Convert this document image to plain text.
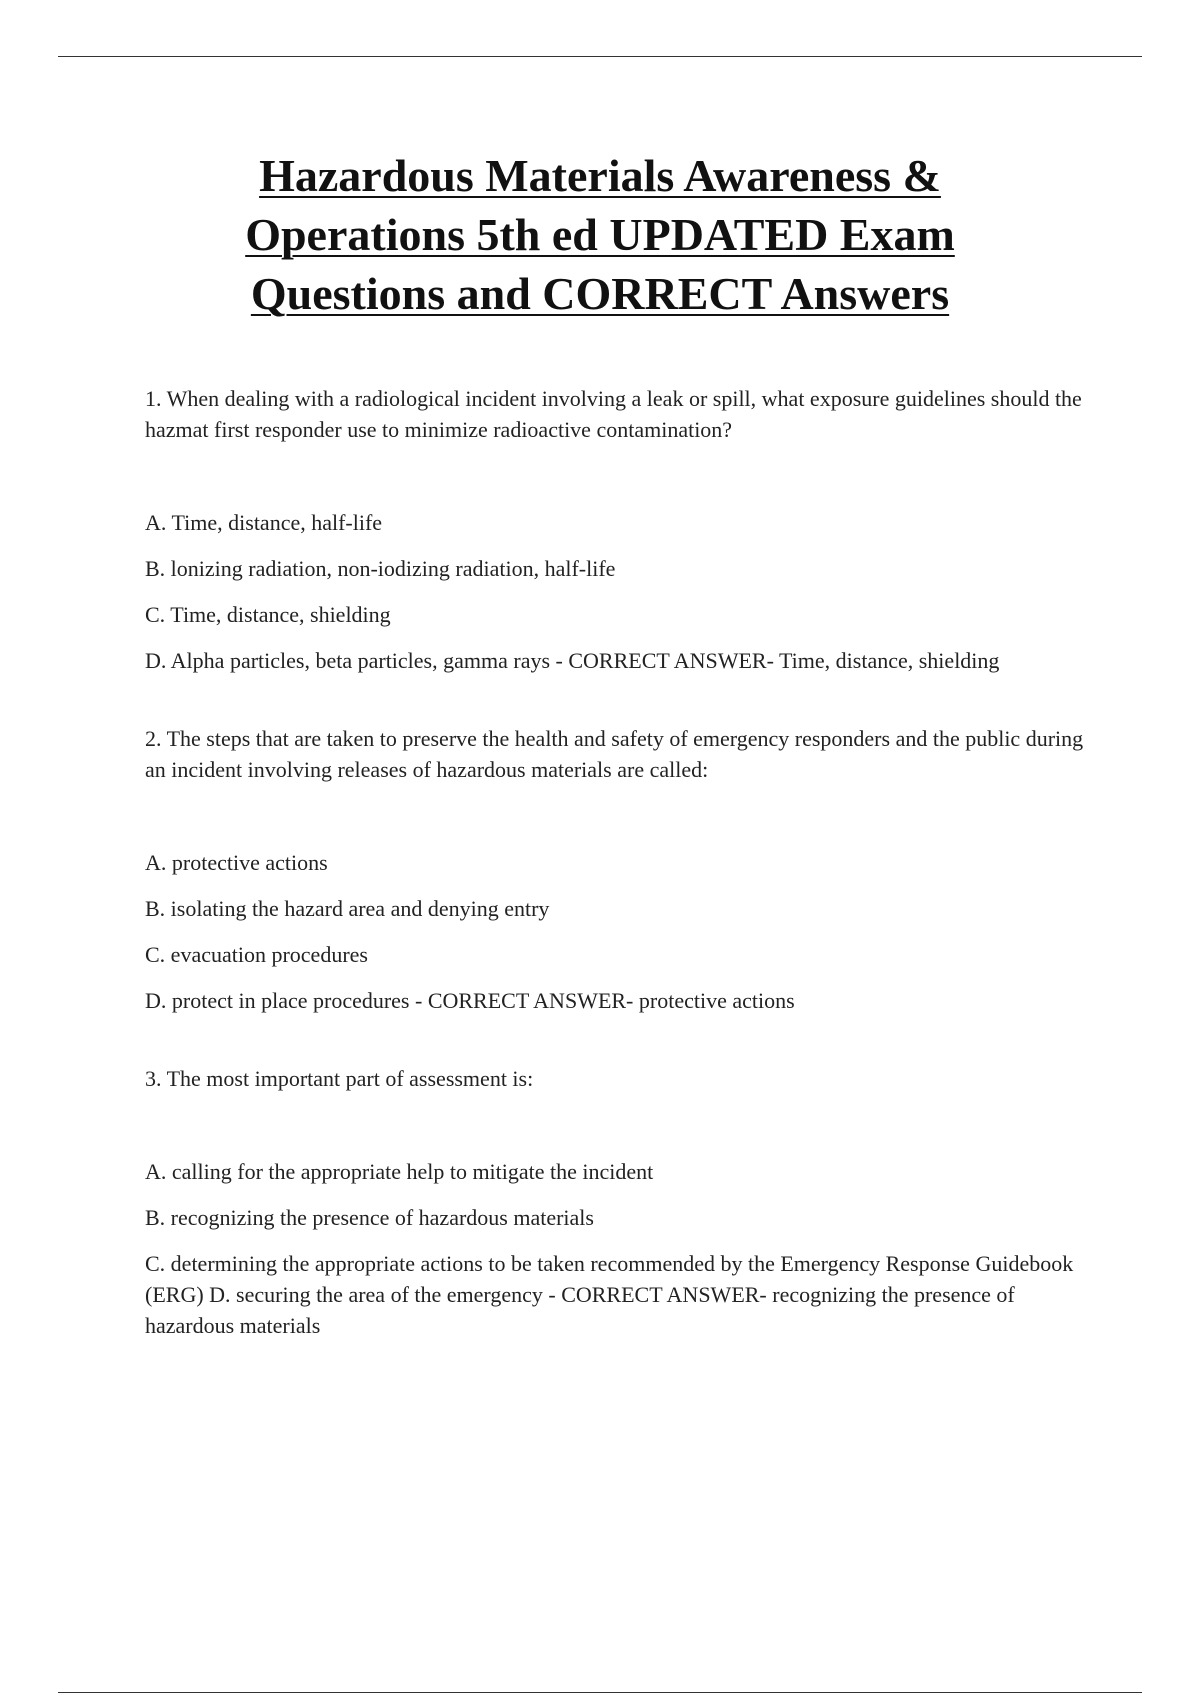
Hazardous Materials Awareness & Operations 5th ed UPDATED Exam Questions and CORRECT Answers

1. When dealing with a radiological incident involving a leak or spill, what exposure guidelines should the hazmat first responder use to minimize radioactive contamination?

A. Time, distance, half-life

B. lonizing radiation, non-iodizing radiation, half-life

C. Time, distance, shielding

D. Alpha particles, beta particles, gamma rays - CORRECT ANSWER- Time, distance, shielding

2. The steps that are taken to preserve the health and safety of emergency responders and the public during an incident involving releases of hazardous materials are called:

A. protective actions

B. isolating the hazard area and denying entry

C. evacuation procedures

D. protect in place procedures - CORRECT ANSWER- protective actions

3. The most important part of assessment is:

A. calling for the appropriate help to mitigate the incident

B. recognizing the presence of hazardous materials

C. determining the appropriate actions to be taken recommended by the Emergency Response Guidebook (ERG) D. securing the area of the emergency - CORRECT ANSWER- recognizing the presence of hazardous materials
